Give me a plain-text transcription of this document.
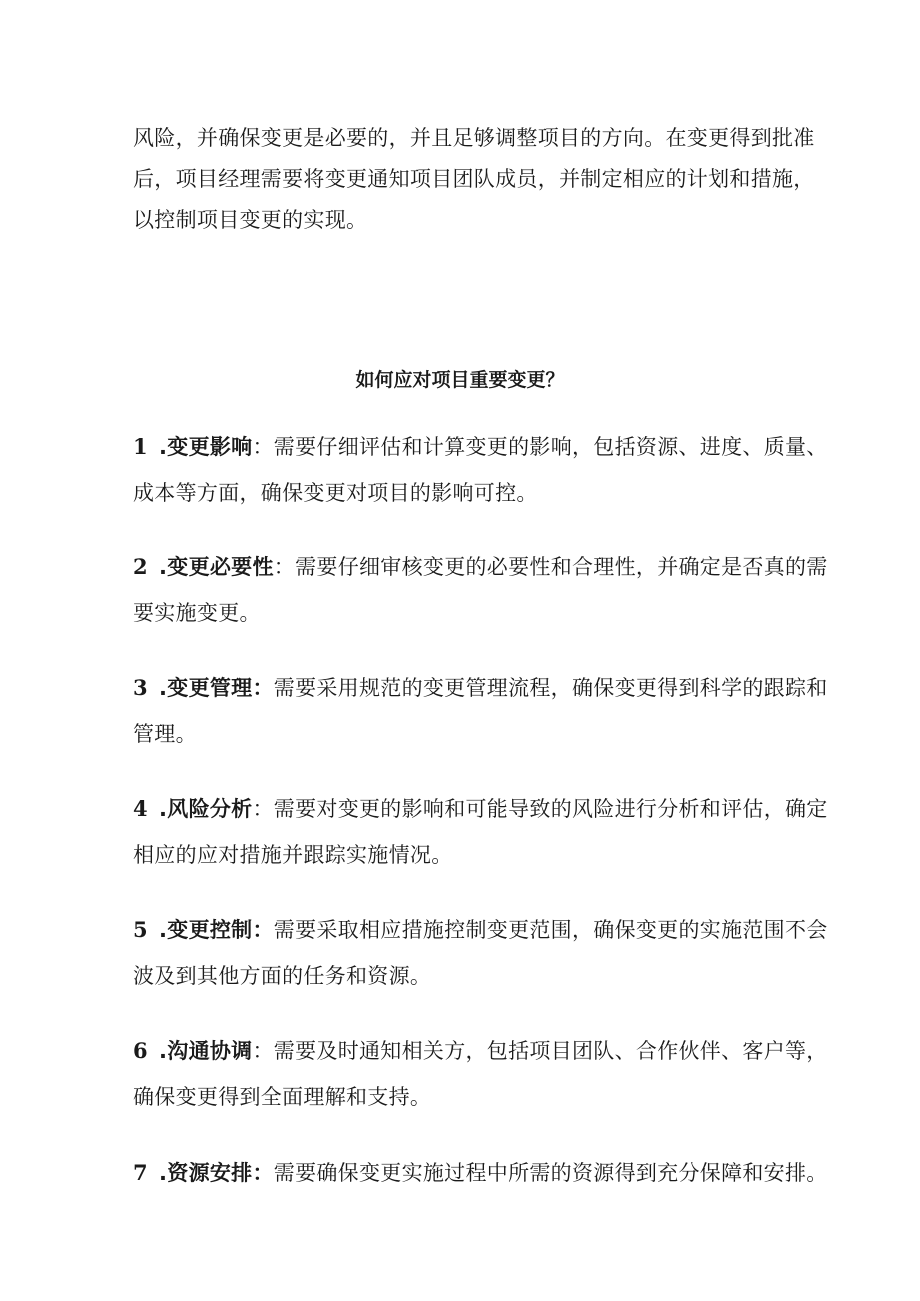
风险，并确保变更是必要的，并且足够调整项目的方向。在变更得到批准
后，项目经理需要将变更通知项目团队成员，并制定相应的计划和措施，
以控制项目变更的实现。
如何应对项目重要变更？
1 .变更影响：需要仔细评估和计算变更的影响，包括资源、进度、质量、
成本等方面，确保变更对项目的影响可控。
2 .变更必要性：需要仔细审核变更的必要性和合理性，并确定是否真的需
要实施变更。
3 .变更管理：需要采用规范的变更管理流程，确保变更得到科学的跟踪和
管理。
4 .风险分析：需要对变更的影响和可能导致的风险进行分析和评估，确定
相应的应对措施并跟踪实施情况。
5 .变更控制：需要采取相应措施控制变更范围，确保变更的实施范围不会
波及到其他方面的任务和资源。
6 .沟通协调：需要及时通知相关方，包括项目团队、合作伙伴、客户等，
确保变更得到全面理解和支持。
7 .资源安排：需要确保变更实施过程中所需的资源得到充分保障和安排。
